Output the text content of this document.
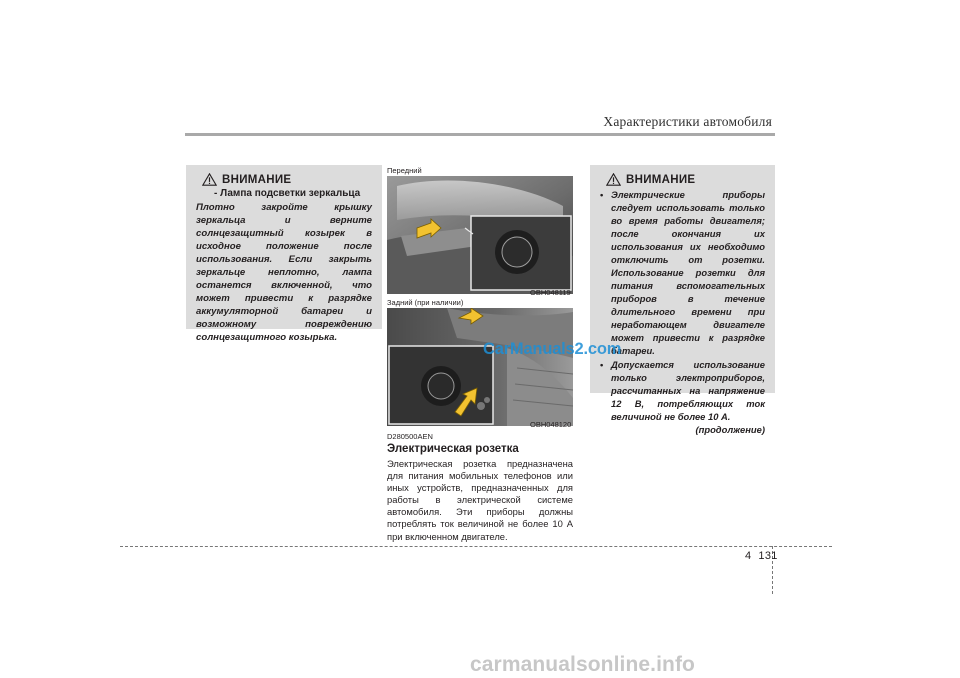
Характеристики автомобиля
ВНИМАНИЕ
- Лампа подсветки зеркальца
Плотно закройте крышку зеркальца и верните солнцезащитный козырек в исходное положение после использования. Если закрыть зеркальце неплотно, лампа останется включенной, что может привести к разрядке аккумуляторной батареи и возможному повреждению солнцезащитного козырька.
Передний
OBH048119
Задний (при наличии)
OBH048120
D280500AEN
Электрическая розетка
Электрическая розетка предназначена для питания мобильных телефонов или иных устройств, предназначенных для работы в электрической системе автомобиля. Эти приборы должны потреблять ток величиной не более 10 А при включенном двигателе.
ВНИМАНИЕ
• Электрические приборы следует использовать только во время работы двигателя; после окончания их использования их необходимо отключить от розетки. Использование розетки для питания вспомогательных приборов в течение длительного времени при неработающем двигателе может привести к разрядке батареи.
• Допускается использование только электроприборов, рассчитанных на напряжение 12 В, потребляющих ток величиной не более 10 А.
(продолжение)
CarManuals2.com
4 131
carmanualsonline.info
